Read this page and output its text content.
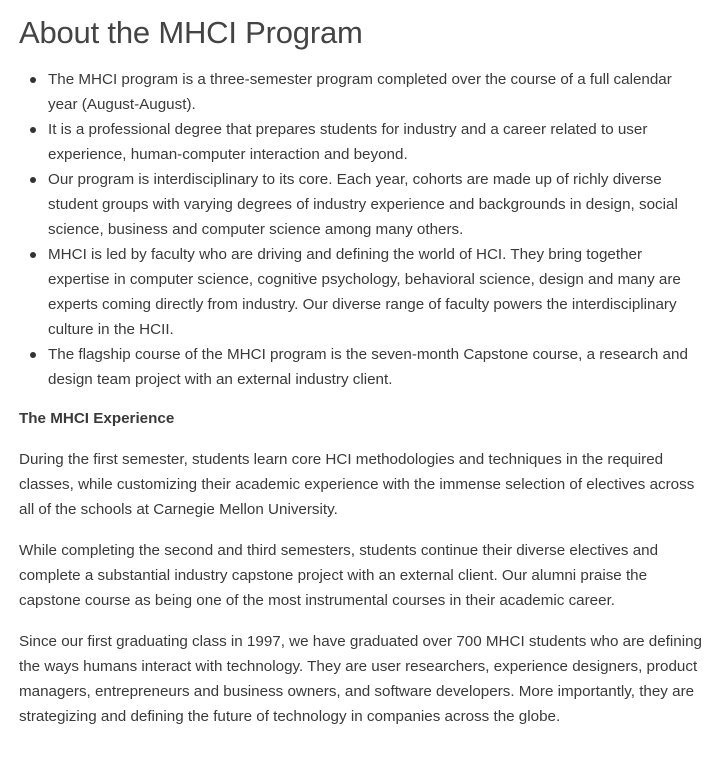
About the MHCI Program
The MHCI program is a three-semester program completed over the course of a full calendar year (August-August).
It is a professional degree that prepares students for industry and a career related to user experience, human-computer interaction and beyond.
Our program is interdisciplinary to its core. Each year, cohorts are made up of richly diverse student groups with varying degrees of industry experience and backgrounds in design, social science, business and computer science among many others.
MHCI is led by faculty who are driving and defining the world of HCI. They bring together expertise in computer science, cognitive psychology, behavioral science, design and many are experts coming directly from industry. Our diverse range of faculty powers the interdisciplinary culture in the HCII.
The flagship course of the MHCI program is the seven-month Capstone course, a research and design team project with an external industry client.
The MHCI Experience

During the first semester, students learn core HCI methodologies and techniques in the required classes, while customizing their academic experience with the immense selection of electives across all of the schools at Carnegie Mellon University.

While completing the second and third semesters, students continue their diverse electives and complete a substantial industry capstone project with an external client. Our alumni praise the capstone course as being one of the most instrumental courses in their academic career.

Since our first graduating class in 1997, we have graduated over 700 MHCI students who are defining the ways humans interact with technology. They are user researchers, experience designers, product managers, entrepreneurs and business owners, and software developers. More importantly, they are strategizing and defining the future of technology in companies across the globe.
